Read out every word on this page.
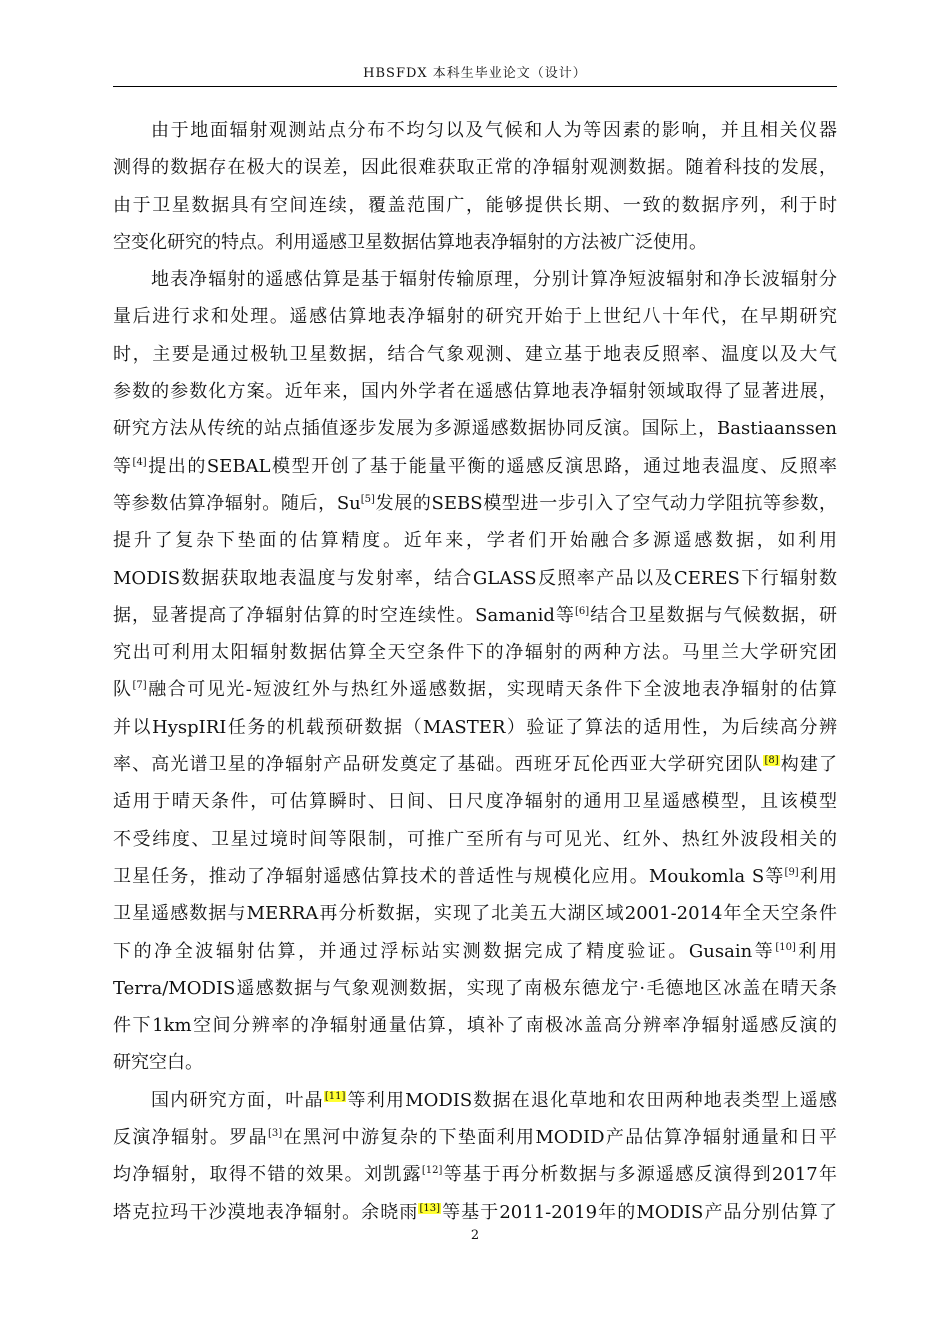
HBSFDX 本科生毕业论文（设计）
由于地面辐射观测站点分布不均匀以及气候和人为等因素的影响，并且相关仪器
测得的数据存在极大的误差，因此很难获取正常的净辐射观测数据。随着科技的发展，
由于卫星数据具有空间连续，覆盖范围广，能够提供长期、一致的数据序列，利于时
空变化研究的特点。利用遥感卫星数据估算地表净辐射的方法被广泛使用。
地表净辐射的遥感估算是基于辐射传输原理，分别计算净短波辐射和净长波辐射分
量后进行求和处理。遥感估算地表净辐射的研究开始于上世纪八十年代，在早期研究
时，主要是通过极轨卫星数据，结合气象观测、建立基于地表反照率、温度以及大气
参数的参数化方案。近年来，国内外学者在遥感估算地表净辐射领域取得了显著进展，
研究方法从传统的站点插值逐步发展为多源遥感数据协同反演。国际上，Bastiaanssen
等[4]提出的SEBAL模型开创了基于能量平衡的遥感反演思路，通过地表温度、反照率
等参数估算净辐射。随后，Su[5]发展的SEBS模型进一步引入了空气动力学阻抗等参数，
提升了复杂下垫面的估算精度。近年来，学者们开始融合多源遥感数据，如利用
MODIS数据获取地表温度与发射率，结合GLASS反照率产品以及CERES下行辐射数
据，显著提高了净辐射估算的时空连续性。Samanid等[6]结合卫星数据与气候数据，研
究出可利用太阳辐射数据估算全天空条件下的净辐射的两种方法。马里兰大学研究团
队[7]融合可见光-短波红外与热红外遥感数据，实现晴天条件下全波地表净辐射的估算
并以HyspIRI任务的机载预研数据（MASTER）验证了算法的适用性，为后续高分辨
率、高光谱卫星的净辐射产品研发奠定了基础。西班牙瓦伦西亚大学研究团队[8]构建了
适用于晴天条件，可估算瞬时、日间、日尺度净辐射的通用卫星遥感模型，且该模型
不受纬度、卫星过境时间等限制，可推广至所有与可见光、红外、热红外波段相关的
卫星任务，推动了净辐射遥感估算技术的普适性与规模化应用。Moukomla S等[9]利用
卫星遥感数据与MERRA再分析数据，实现了北美五大湖区域2001-2014年全天空条件
下的净全波辐射估算，并通过浮标站实测数据完成了精度验证。Gusain等[10]利用
Terra/MODIS遥感数据与气象观测数据，实现了南极东德龙宁·毛德地区冰盖在晴天条
件下1km空间分辨率的净辐射通量估算，填补了南极冰盖高分辨率净辐射遥感反演的
研究空白。
国内研究方面，叶晶[11]等利用MODIS数据在退化草地和农田两种地表类型上遥感
反演净辐射。罗晶[3]在黑河中游复杂的下垫面利用MODID产品估算净辐射通量和日平
均净辐射，取得不错的效果。刘凯露[12]等基于再分析数据与多源遥感反演得到2017年
塔克拉玛干沙漠地表净辐射。余晓雨[13]等基于2011-2019年的MODIS产品分别估算了
2
